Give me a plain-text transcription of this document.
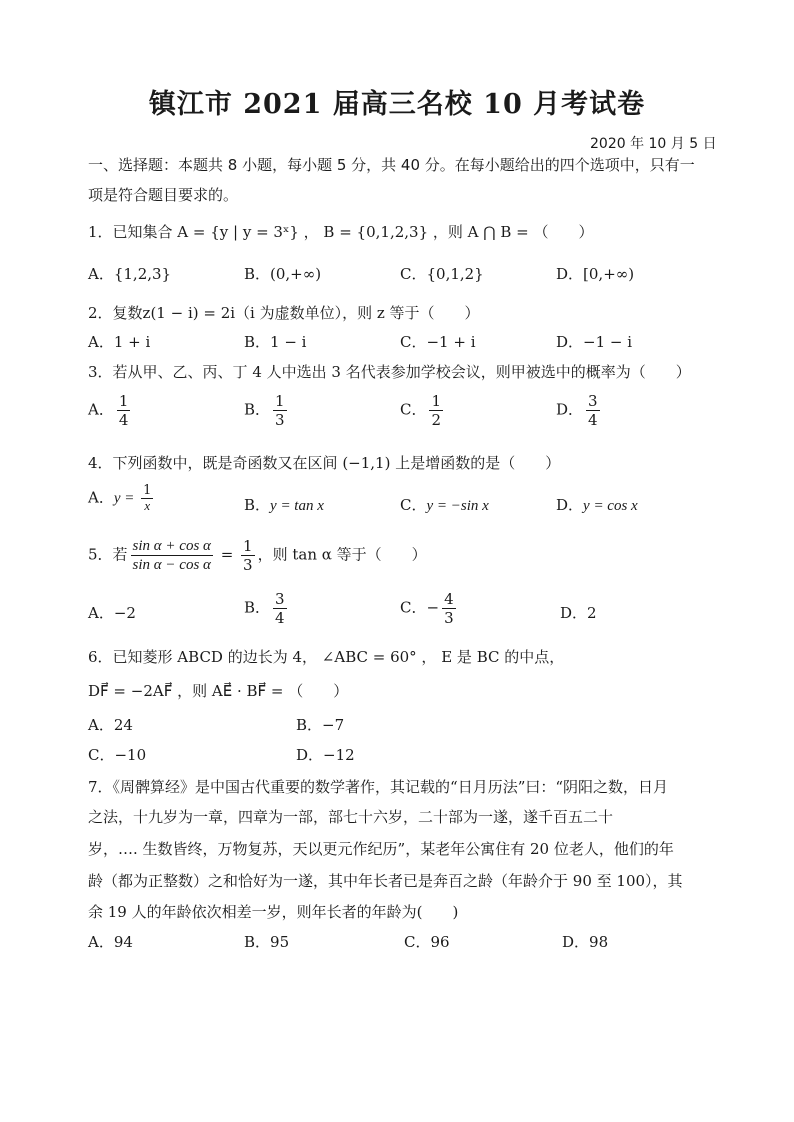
镇江市 2021 届高三名校 10 月考试卷
2020 年 10 月 5 日
一、选择题：本题共 8 小题，每小题 5 分，共 40 分。在每小题给出的四个选项中，只有一
项是符合题目要求的。
1．已知集合 A = {y | y = 3ˣ} ， B = {0,1,2,3} ，则 A ⋂ B = （　　）
A．{1,2,3}	B．(0,+∞)	C．{0,1,2}	D．[0,+∞)
2．复数z(1 − i) = 2i（i 为虚数单位），则 z 等于（　　）
A．1 + i	B．1 − i	C．−1 + i	D．−1 − i
3．若从甲、乙、丙、丁 4 人中选出 3 名代表参加学校会议，则甲被选中的概率为（　　）
A． $\frac{1}{4}$	B． $\frac{1}{3}$	C． $\frac{1}{2}$	D． $\frac{3}{4}$
4．下列函数中，既是奇函数又在区间 (−1,1) 上是增函数的是（　　）
A．$y = \frac{1}{x}$	B．y = tan x	C．y = −sin x	D．y = cos x
5．若 $\frac{\text{sin α + cos α}}{\text{sin α − cos α}} = \frac{1}{3}$ ，则 tan α 等于（　　）
A．−2	B． $\frac{3}{4}$	C．− $\frac{4}{3}$	D．2
6．已知菱形 ABCD 的边长为 4， ∠ABC = 60° ， E 是 BC 的中点，
DF⃗ = −2AF⃗ ，则 AE⃗ · BF⃗ = （　　）
A．24	B．−7
C．−10	D．−12
7．《周髀算经》是中国古代重要的数学著作，其记载的“日月历法”曰：“阴阳之数，日月
之法，十九岁为一章，四章为一部，部七十六岁，二十部为一遂，遂千百五二十
岁，…. 生数皆终，万物复苏，天以更元作纪历”，某老年公寓住有 20 位老人，他们的年
龄（都为正整数）之和恰好为一遂，其中年长者已是奔百之龄（年龄介于 90 至 100），其
余 19 人的年龄依次相差一岁，则年长者的年龄为(　　)
A．94	B．95	C．96	D．98
